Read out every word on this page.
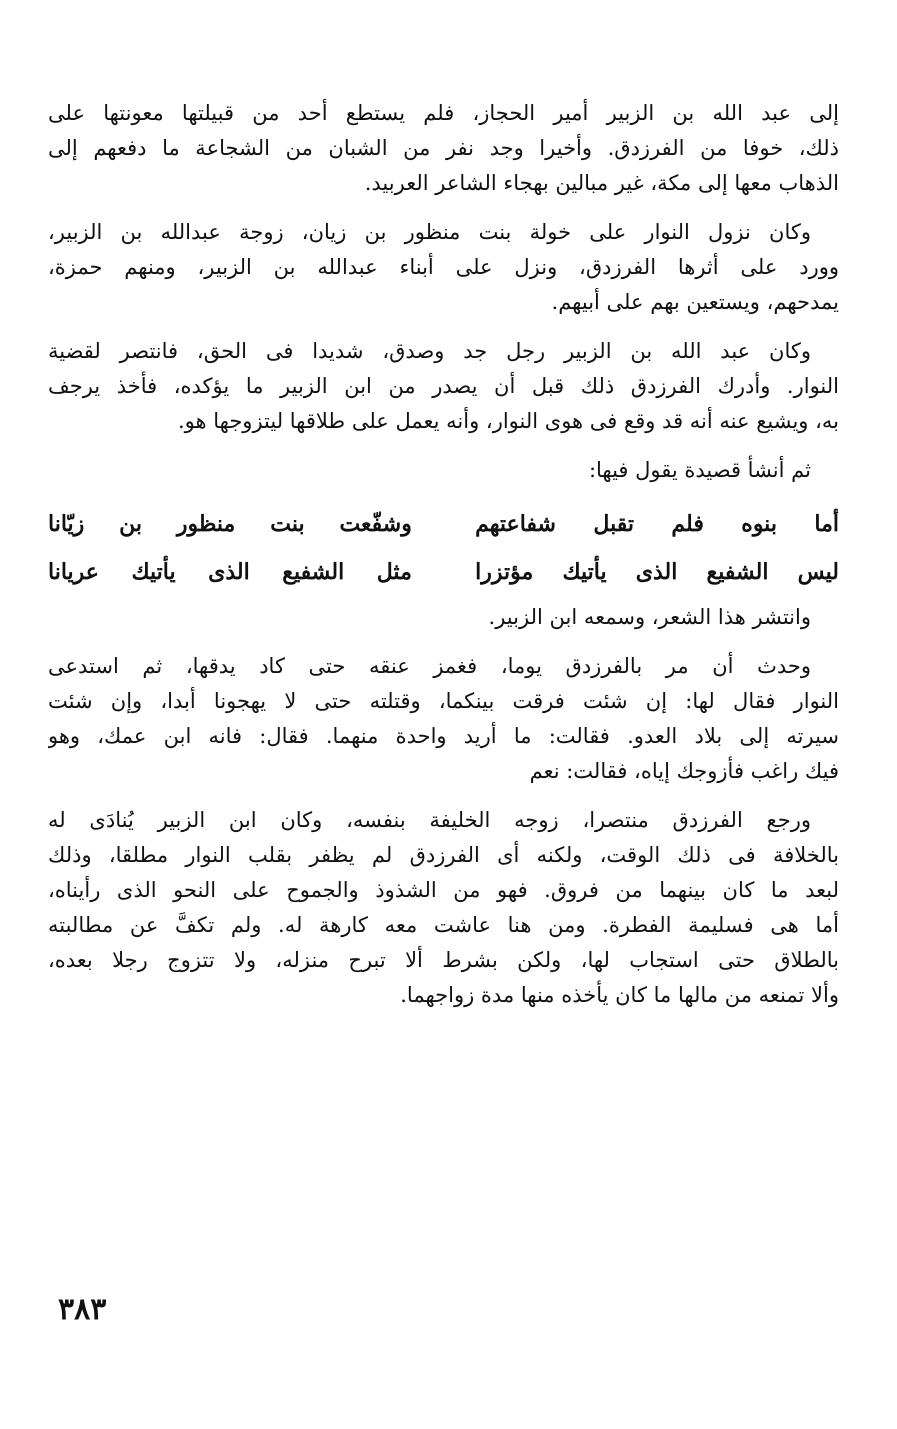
إلى عبد الله بن الزبير أمير الحجاز، فلم يستطع أحد من قبيلتها معونتها على
ذلك، خوفا من الفرزدق. وأخيرا وجد نفر من الشبان من الشجاعة ما دفعهم إلى
الذهاب معها إلى مكة، غير مبالين بهجاء الشاعر العربيد.
وكان نزول النوار على خولة بنت منظور بن زيان، زوجة عبدالله بن الزبير،
وورد على أثرها الفرزدق، ونزل على أبناء عبدالله بن الزبير، ومنهم حمزة،
يمدحهم، ويستعين بهم على أبيهم.
وكان عبد الله بن الزبير رجل جد وصدق، شديدا فى الحق، فانتصر لقضية
النوار. وأدرك الفرزدق ذلك قبل أن يصدر من ابن الزبير ما يؤكده، فأخذ يرجف
به، ويشيع عنه أنه قد وقع فى هوى النوار، وأنه يعمل على طلاقها ليتزوجها هو.
ثم أنشأ قصيدة يقول فيها:
أما بنوه فلم تقبل شفاعتهم
وشفّعت بنت منظور بن زيّانا
ليس الشفيع الذى يأتيك مؤتزرا
مثل الشفيع الذى يأتيك عريانا
وانتشر هذا الشعر، وسمعه ابن الزبير.
وحدث أن مر بالفرزدق يوما، فغمز عنقه حتى كاد يدقها، ثم استدعى
النوار فقال لها: إن شئت فرقت بينكما، وقتلته حتى لا يهجونا أبدا، وإن شئت
سيرته إلى بلاد العدو. فقالت: ما أريد واحدة منهما. فقال: فانه ابن عمك، وهو
فيك راغب فأزوجك إياه، فقالت: نعم
ورجع الفرزدق منتصرا، زوجه الخليفة بنفسه، وكان ابن الزبير يُنادَى له
بالخلافة فى ذلك الوقت، ولكنه أى الفرزدق لم يظفر بقلب النوار مطلقا، وذلك
لبعد ما كان بينهما من فروق. فهو من الشذوذ والجموح على النحو الذى رأيناه،
أما هى فسليمة الفطرة. ومن هنا عاشت معه كارهة له. ولم تكفَّ عن مطالبته
بالطلاق حتى استجاب لها، ولكن بشرط ألا تبرح منزله، ولا تتزوج رجلا بعده،
وألا تمنعه من مالها ما كان يأخذه منها مدة زواجهما.
٣٨٣
